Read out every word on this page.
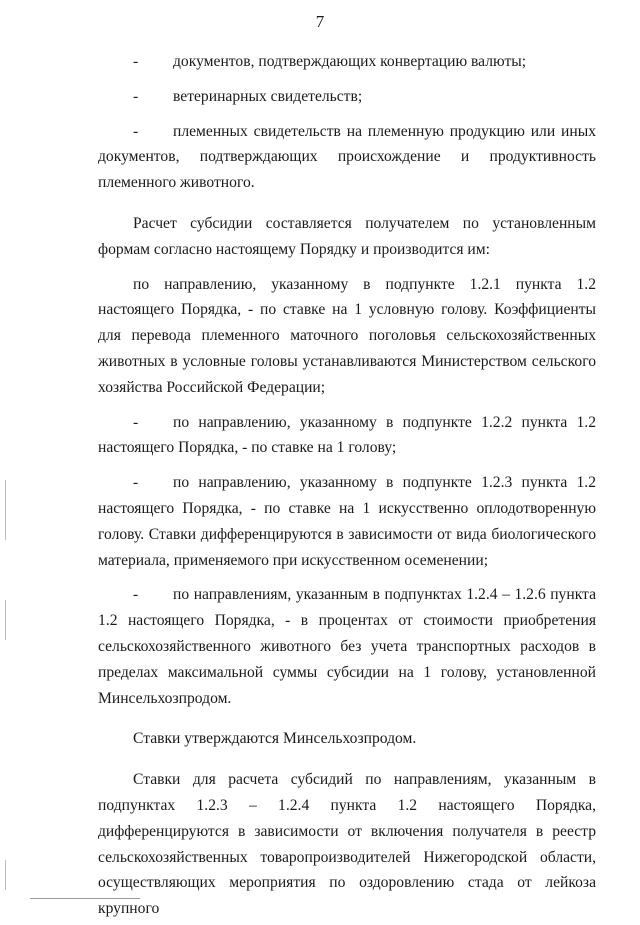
7
-	документов, подтверждающих конвертацию валюты;
-	ветеринарных свидетельств;
-	племенных свидетельств на племенную продукцию или иных
документов, подтверждающих происхождение и продуктивность племенного животного.

Расчет субсидии составляется получателем по установленным формам согласно настоящему Порядку и производится им:

по направлению, указанному в подпункте 1.2.1 пункта 1.2 настоящего Порядка, - по ставке на 1 условную голову. Коэффициенты для перевода племенного маточного поголовья сельскохозяйственных животных в условные головы устанавливаются Министерством сельского хозяйства Российской Федерации;

-	по направлению, указанному в подпункте 1.2.2 пункта 1.2
настоящего Порядка, - по ставке на 1 голову;
-	по направлению, указанному в подпункте 1.2.3 пункта 1.2
настоящего Порядка, - по ставке на 1 искусственно оплодотворенную голову. Ставки дифференцируются в зависимости от вида биологического материала, применяемого при искусственном осеменении;
-	по направлениям, указанным в подпунктах 1.2.4 – 1.2.6 пункта
1.2 настоящего Порядка, - в процентах от стоимости приобретения сельскохозяйственного животного без учета транспортных расходов в пределах максимальной суммы субсидии на 1 голову, установленной Минсельхозпродом.

Ставки утверждаются Минсельхозпродом.

Ставки для расчета субсидий по направлениям, указанным в подпунктах 1.2.3 – 1.2.4 пункта 1.2 настоящего Порядка, дифференцируются в зависимости от включения получателя в реестр сельскохозяйственных товаропроизводителей Нижегородской области, осуществляющих мероприятия по оздоровлению стада от лейкоза крупного
